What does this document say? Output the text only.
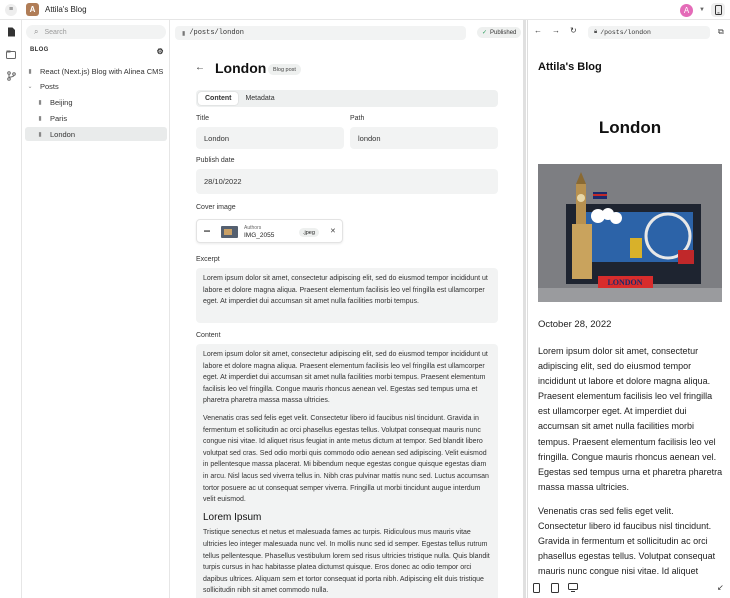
≡	A	Attila's Blog	A	▼
⌕ Search
BLOG	⚙
▮	React (Next.js) Blog with Alinea CMS
⌄ Posts
▮	Beijing
▮	Paris
▮	London
▮ /posts/london	✓ Published
← London	Blog post
Content	Metadata
Title
London
Path
london
Publish date
28/10/2022
Cover image
▬	Authors
IMG_2055	.jpeg	✕
Excerpt

Lorem ipsum dolor sit amet, consectetur adipiscing elit, sed do eiusmod tempor incididunt ut labore et dolore magna aliqua. Praesent elementum facilisis leo vel fringilla est ullamcorper eget. At imperdiet dui accumsan sit amet nulla facilities morbi tempus.

Content

Lorem ipsum dolor sit amet, consectetur adipiscing elit, sed do eiusmod tempor incididunt ut labore et dolore magna aliqua. Praesent elementum facilisis leo vel fringilla est ullamcorper eget. At imperdiet dui accumsan sit amet nulla facilities morbi tempus. Praesent elementum facilisis leo vel fringilla. Congue mauris rhoncus aenean vel. Egestas sed tempus urna et pharetra pharetra massa massa ultricies.

Venenatis cras sed felis eget velit. Consectetur libero id faucibus nisl tincidunt. Gravida in fermentum et sollicitudin ac orci phasellus egestas tellus. Volutpat consequat mauris nunc congue nisi vitae. Id aliquet risus feugiat in ante metus dictum at tempor. Sed blandit libero volutpat sed cras. Sed odio morbi quis commodo odio aenean sed adipiscing. Velit euismod in pellentesque massa placerat. Mi bibendum neque egestas congue quisque egestas diam in arcu. Nisl lacus sed viverra tellus in. Nibh cras pulvinar mattis nunc sed. Luctus accumsan tortor posuere ac ut consequat semper viverra. Fringilla ut morbi tincidunt augue interdum velit euismod.

Lorem Ipsum

Tristique senectus et netus et malesuada fames ac turpis. Ridiculous mus mauris vitae ultricies leo integer malesuada nunc vel. In mollis nunc sed id semper. Egestas tellus rutrum tellus pellentesque. Phasellus vestibulum lorem sed risus ultricies tristique nulla. Quis blandit turpis cursus in hac habitasse platea dictumst quisque. Eros donec ac odio tempor orci dapibus ultrices. Aliquam sem et tortor consequat id porta nibh. Adipiscing elit duis tristique sollicitudin nibh sit amet commodo nulla.

← → ↻	🔒︎ /posts/london	⧉
Attila's Blog
London
LONDON
October 28, 2022

Lorem ipsum dolor sit amet, consectetur adipiscing elit, sed do eiusmod tempor incididunt ut labore et dolore magna aliqua. Praesent elementum facilisis leo vel fringilla est ullamcorper eget. At imperdiet dui accumsan sit amet nulla facilities morbi tempus. Praesent elementum facilisis leo vel fringilla. Congue mauris rhoncus aenean vel. Egestas sed tempus urna et pharetra pharetra massa massa ultricies.

Venenatis cras sed felis eget velit. Consectetur libero id faucibus nisl tincidunt. Gravida in fermentum et sollicitudin ac orci phasellus egestas tellus. Volutpat consequat mauris nunc congue nisi vitae. Id aliquet

↙
